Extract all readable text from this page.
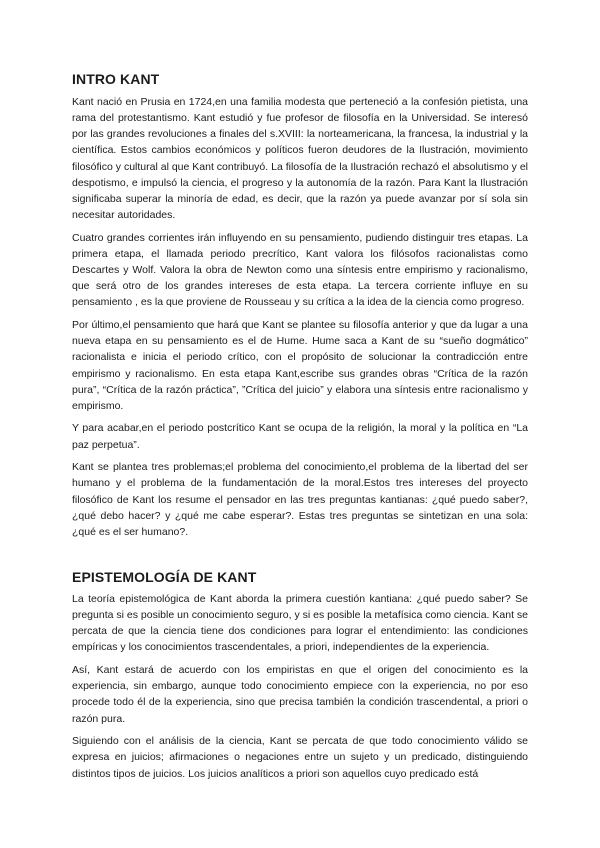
INTRO KANT

Kant nació en Prusia en 1724,en una familia modesta que perteneció a la confesión pietista, una rama del protestantismo. Kant estudió y fue profesor de filosofía en la Universidad. Se interesó por las grandes revoluciones a finales del s.XVIII: la norteamericana, la francesa, la industrial y la científica. Estos cambios económicos y políticos fueron deudores de la Ilustración, movimiento filosófico y cultural al que Kant contribuyó. La filosofía de la Ilustración rechazó el absolutismo y el despotismo, e impulsó la ciencia, el progreso y la autonomía de la razón. Para Kant la Ilustración significaba superar la minoría de edad, es decir, que la razón ya puede avanzar por sí sola sin necesitar autoridades.

Cuatro grandes corrientes irán influyendo en su pensamiento, pudiendo distinguir tres etapas. La primera etapa, el llamada periodo precrítico, Kant valora los filósofos racionalistas como Descartes y Wolf. Valora la obra de Newton como una síntesis entre empirismo y racionalismo, que será otro de los grandes intereses de esta etapa. La tercera corriente influye en su pensamiento , es la que proviene de Rousseau y su crítica a la idea de la ciencia como progreso.

Por último,el pensamiento que hará que Kant se plantee su filosofía anterior y que da lugar a una nueva etapa en su pensamiento es el de Hume. Hume saca a Kant de su “sueño dogmático” racionalista e inicia el periodo crítico, con el propósito de solucionar la contradicción entre empirismo y racionalismo. En esta etapa Kant,escribe sus grandes obras “Crítica de la razón pura”, “Crítica de la razón práctica”, ”Crítica del juicio” y elabora una síntesis entre racionalismo y empirismo.

Y para acabar,en el periodo postcrítico Kant se ocupa de la religión, la moral y la política en “La paz perpetua”.

Kant se plantea tres problemas;el problema del conocimiento,el problema de la libertad del ser humano y el problema de la fundamentación de la moral.Estos tres intereses del proyecto filosófico de Kant los resume el pensador en las tres preguntas kantianas: ¿qué puedo saber?,¿qué debo hacer? y ¿qué me cabe esperar?. Estas tres preguntas se sintetizan en una sola: ¿qué es el ser humano?.

EPISTEMOLOGÍA DE KANT

La teoría epistemológica de Kant aborda la primera cuestión kantiana: ¿qué puedo saber? Se pregunta si es posible un conocimiento seguro, y si es posible la metafísica como ciencia. Kant se percata de que la ciencia tiene dos condiciones para lograr el entendimiento: las condiciones empíricas y los conocimientos trascendentales, a priori, independientes de la experiencia.

Así, Kant estará de acuerdo con los empiristas en que el origen del conocimiento es la experiencia, sin embargo, aunque todo conocimiento empiece con la experiencia, no por eso procede todo él de la experiencia, sino que precisa también la condición trascendental, a priori o razón pura.

Siguiendo con el análisis de la ciencia, Kant se percata de que todo conocimiento válido se expresa en juicios; afirmaciones o negaciones entre un sujeto y un predicado, distinguiendo distintos tipos de juicios. Los juicios analíticos a priori son aquellos cuyo predicado está
